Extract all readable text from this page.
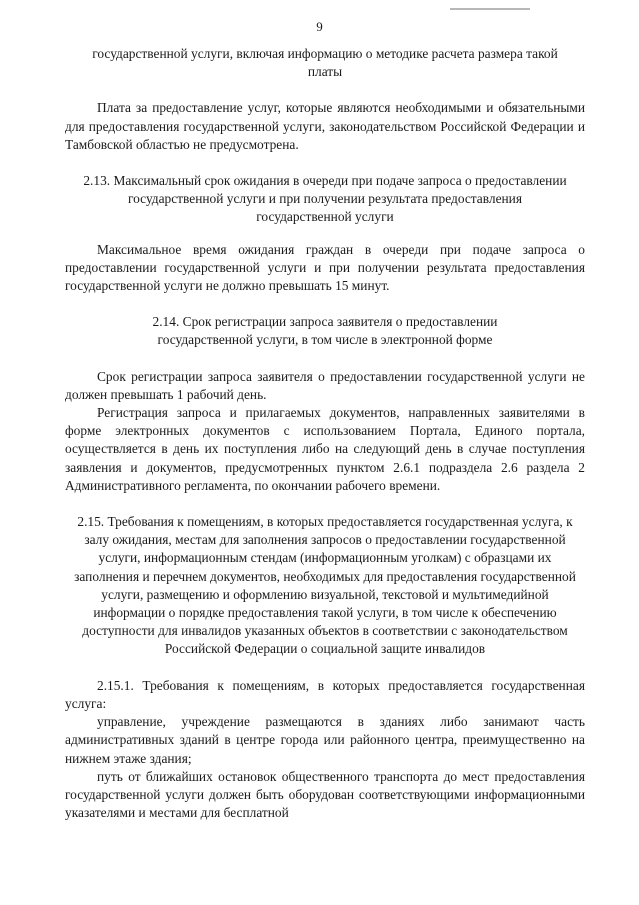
9

государственной услуги, включая информацию о методике расчета размера такой платы

Плата за предоставление услуг, которые являются необходимыми и обязательными для предоставления государственной услуги, законодательством Российской Федерации и Тамбовской областью не предусмотрена.

2.13. Максимальный срок ожидания в очереди при подаче запроса о предоставлении государственной услуги и при получении результата предоставления государственной услуги

Максимальное время ожидания граждан в очереди при подаче запроса о предоставлении государственной услуги и при получении результата предоставления государственной услуги не должно превышать 15 минут.

2.14. Срок регистрации запроса заявителя о предоставлении государственной услуги, в том числе в электронной форме

Срок регистрации запроса заявителя о предоставлении государственной услуги не должен превышать 1 рабочий день.

Регистрация запроса и прилагаемых документов, направленных заявителями в форме электронных документов с использованием Портала, Единого портала, осуществляется в день их поступления либо на следующий день в случае поступления заявления и документов, предусмотренных пунктом 2.6.1 подраздела 2.6 раздела 2 Административного регламента, по окончании рабочего времени.

2.15. Требования к помещениям, в которых предоставляется государственная услуга, к залу ожидания, местам для заполнения запросов о предоставлении государственной услуги, информационным стендам (информационным уголкам) с образцами их заполнения и перечнем документов, необходимых для предоставления государственной услуги, размещению и оформлению визуальной, текстовой и мультимедийной информации о порядке предоставления такой услуги, в том числе к обеспечению доступности для инвалидов указанных объектов в соответствии с законодательством Российской Федерации о социальной защите инвалидов

2.15.1. Требования к помещениям, в которых предоставляется государственная услуга:

управление, учреждение размещаются в зданиях либо занимают часть административных зданий в центре города или районного центра, преимущественно на нижнем этаже здания;

путь от ближайших остановок общественного транспорта до мест предоставления государственной услуги должен быть оборудован соответствующими информационными указателями и местами для бесплатной
